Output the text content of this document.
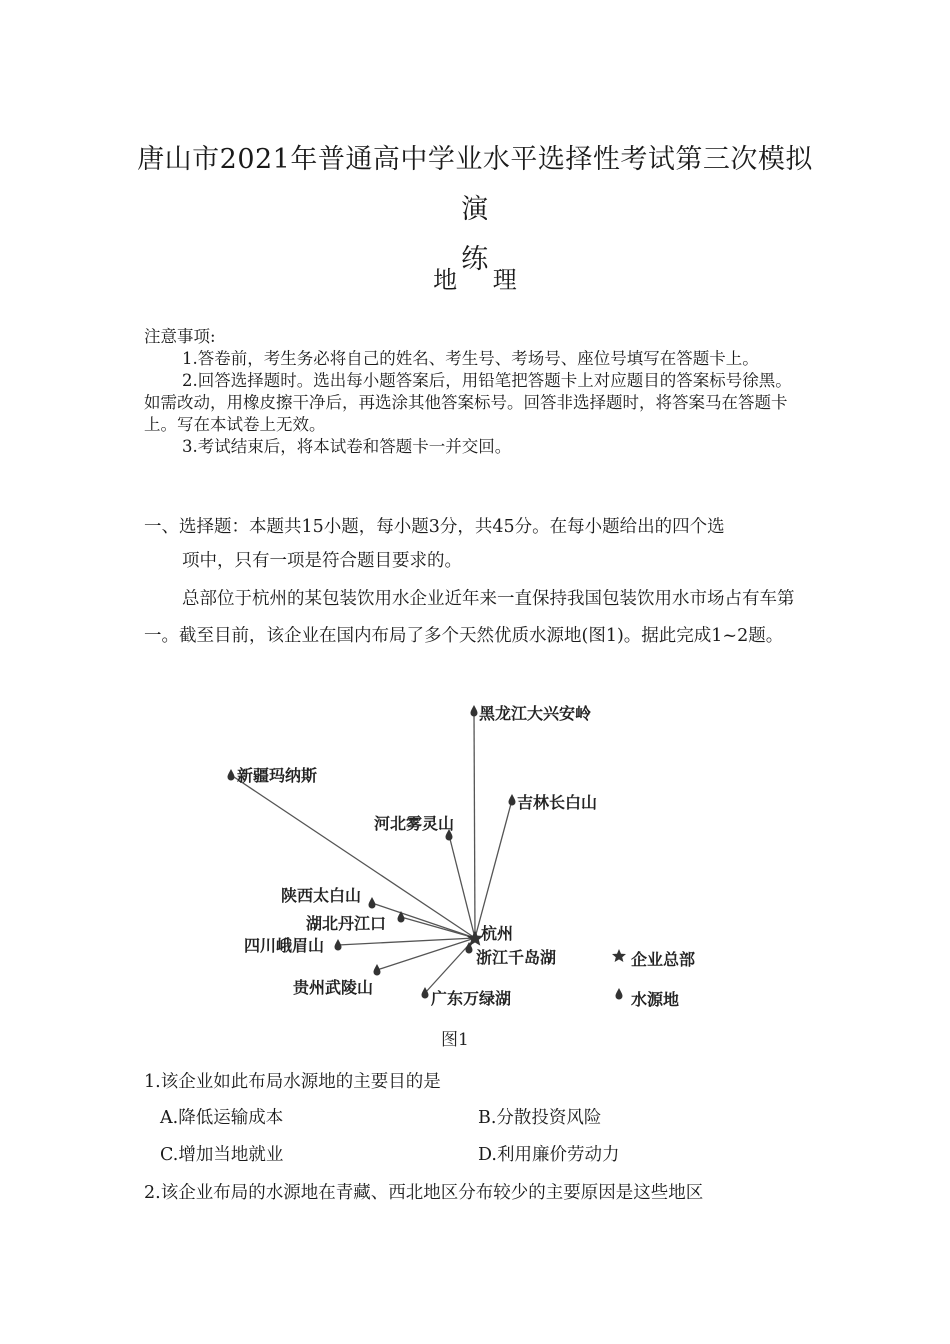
唐山市2021年普通高中学业水平选择性考试第三次模拟演
练
地 理

注意事项:

1.答卷前，考生务必将自己的姓名、考生号、考场号、座位号填写在答题卡上。

2.回答选择题时。选出每小题答案后，用铅笔把答题卡上对应题目的答案标号徐黑。如需改动，用橡皮擦干净后，再选涂其他答案标号。回答非选择题时，将答案马在答题卡上。写在本试卷上无效。

3.考试结束后，将本试卷和答题卡一并交回。

一、选择题：本题共15小题，每小题3分，共45分。在每小题给出的四个选

项中，只有一项是符合题目要求的。

总部位于杭州的某包装饮用水企业近年来一直保持我国包装饮用水市场占有车第一。截至目前，该企业在国内布局了多个天然优质水源地(图1)。据此完成1~2题。
黑龙江大兴安岭
新疆玛纳斯
吉林长白山
河北雾灵山
陕西太白山
湖北丹江口
四川峨眉山
贵州武陵山
广东万绿湖
浙江千岛湖
杭州
企业总部
水源地
图1
1.该企业如此布局水源地的主要目的是
A.降低运输成本	B.分散投资风险
C.增加当地就业	D.利用廉价劳动力
2.该企业布局的水源地在青藏、西北地区分布较少的主要原因是这些地区
